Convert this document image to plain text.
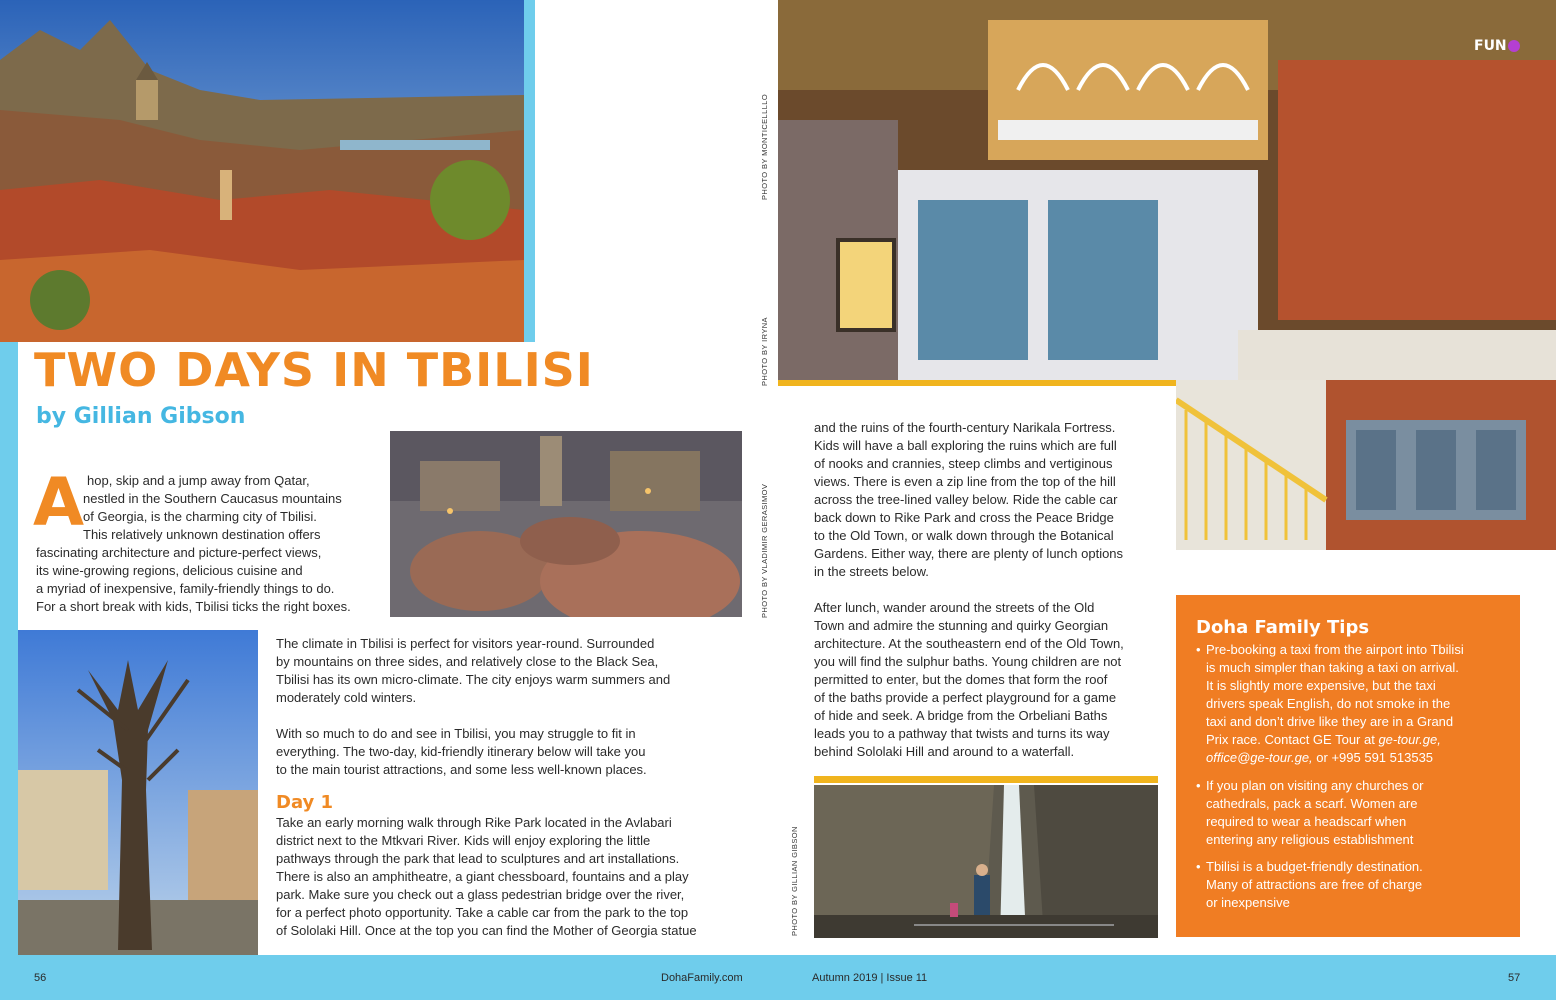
TWO DAYS IN TBILISI
by Gillian Gibson
A hop, skip and a jump away from Qatar,
nestled in the Southern Caucasus mountains
of Georgia, is the charming city of Tbilisi.
This relatively unknown destination offers
fascinating architecture and picture-perfect views,
its wine-growing regions, delicious cuisine and
a myriad of inexpensive, family-friendly things to do.
For a short break with kids, Tbilisi ticks the right boxes.
The climate in Tbilisi is perfect for visitors year-round. Surrounded
by mountains on three sides, and relatively close to the Black Sea,
Tbilisi has its own micro-climate. The city enjoys warm summers and
moderately cold winters.
With so much to do and see in Tbilisi, you may struggle to fit in
everything. The two-day, kid-friendly itinerary below will take you
to the main tourist attractions, and some less well-known places.
Day 1
Take an early morning walk through Rike Park located in the Avlabari
district next to the Mtkvari River. Kids will enjoy exploring the little
pathways through the park that lead to sculptures and art installations.
There is also an amphitheatre, a giant chessboard, fountains and a play
park. Make sure you check out a glass pedestrian bridge over the river,
for a perfect photo opportunity. Take a cable car from the park to the top
of Sololaki Hill. Once at the top you can find the Mother of Georgia statue
PHOTO BY MONTICELLLLO
PHOTO BY IRYNA
PHOTO BY VLADIMIR GERASIMOV
PHOTO BY GILLIAN GIBSON
FUN
and the ruins of the fourth-century Narikala Fortress.
Kids will have a ball exploring the ruins which are full
of nooks and crannies, steep climbs and vertiginous
views. There is even a zip line from the top of the hill
across the tree-lined valley below. Ride the cable car
back down to Rike Park and cross the Peace Bridge
to the Old Town, or walk down through the Botanical
Gardens. Either way, there are plenty of lunch options
in the streets below.
After lunch, wander around the streets of the Old
Town and admire the stunning and quirky Georgian
architecture. At the southeastern end of the Old Town,
you will find the sulphur baths. Young children are not
permitted to enter, but the domes that form the roof
of the baths provide a perfect playground for a game
of hide and seek. A bridge from the Orbeliani Baths
leads you to a pathway that twists and turns its way
behind Sololaki Hill and around to a waterfall.
Doha Family Tips
• Pre-booking a taxi from the airport into Tbilisi
is much simpler than taking a taxi on arrival.
It is slightly more expensive, but the taxi
drivers speak English, do not smoke in the
taxi and don’t drive like they are in a Grand
Prix race. Contact GE Tour at ge-tour.ge,
office@ge-tour.ge, or +995 591 513535
• If you plan on visiting any churches or
cathedrals, pack a scarf. Women are
required to wear a headscarf when
entering any religious establishment
• Tbilisi is a budget-friendly destination.
Many of attractions are free of charge
or inexpensive
56	DohaFamily.com	Autumn 2019 | Issue 11	57
